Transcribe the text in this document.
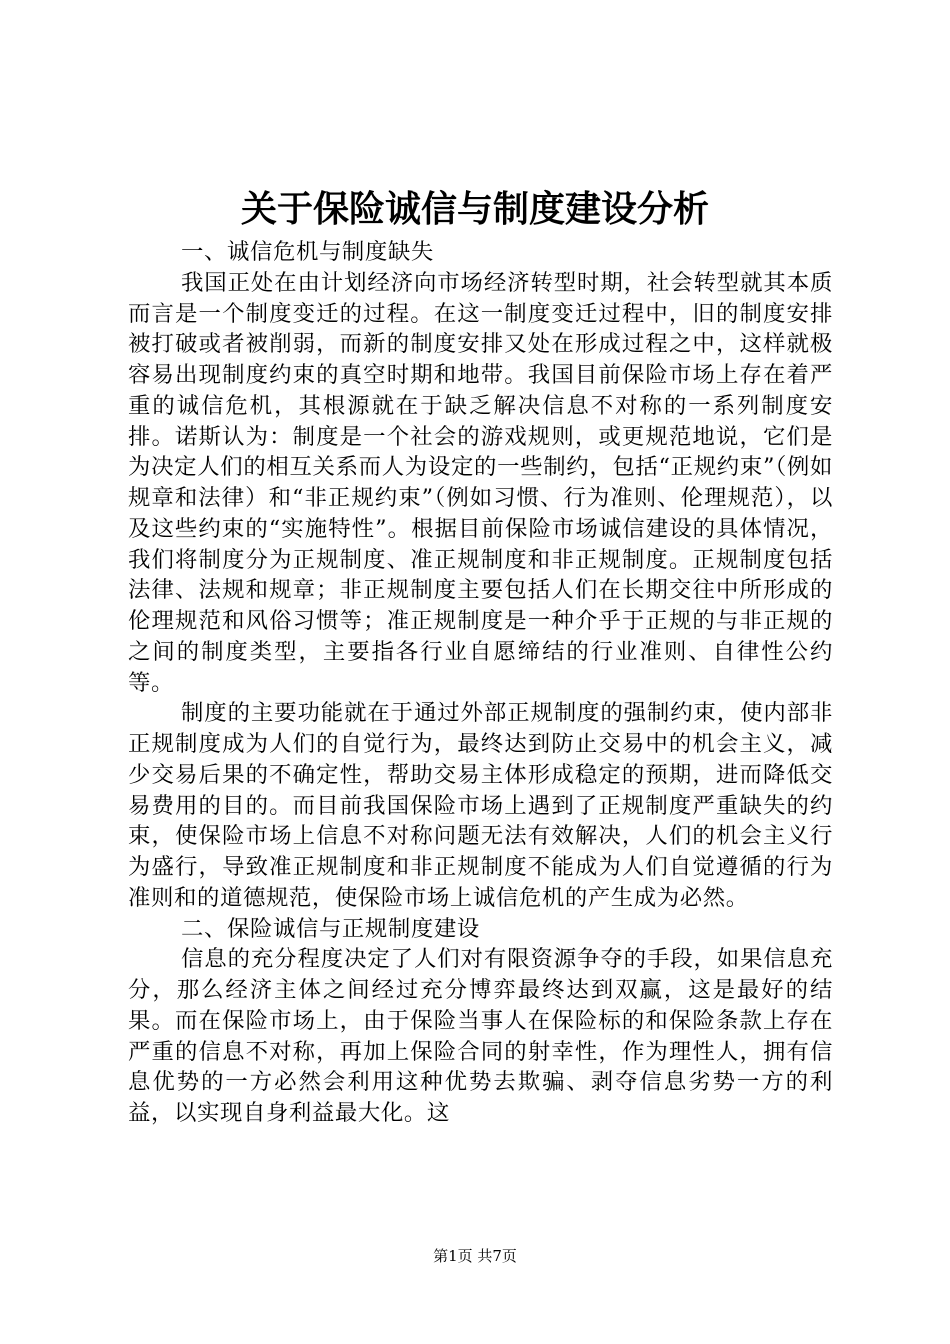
关于保险诚信与制度建设分析

一、诚信危机与制度缺失

我国正处在由计划经济向市场经济转型时期，社会转型就其本质而言是一个制度变迁的过程。在这一制度变迁过程中，旧的制度安排被打破或者被削弱，而新的制度安排又处在形成过程之中，这样就极容易出现制度约束的真空时期和地带。我国目前保险市场上存在着严重的诚信危机，其根源就在于缺乏解决信息不对称的一系列制度安排。诺斯认为：制度是一个社会的游戏规则，或更规范地说，它们是为决定人们的相互关系而人为设定的一些制约，包括“正规约束”（例如规章和法律）和“非正规约束”（例如习惯、行为准则、伦理规范），以及这些约束的“实施特性”。根据目前保险市场诚信建设的具体情况，我们将制度分为正规制度、准正规制度和非正规制度。正规制度包括法律、法规和规章；非正规制度主要包括人们在长期交往中所形成的伦理规范和风俗习惯等；准正规制度是一种介乎于正规的与非正规的之间的制度类型，主要指各行业自愿缔结的行业准则、自律性公约等。

制度的主要功能就在于通过外部正规制度的强制约束，使内部非正规制度成为人们的自觉行为，最终达到防止交易中的机会主义，减少交易后果的不确定性，帮助交易主体形成稳定的预期，进而降低交易费用的目的。而目前我国保险市场上遇到了正规制度严重缺失的约束，使保险市场上信息不对称问题无法有效解决，人们的机会主义行为盛行，导致准正规制度和非正规制度不能成为人们自觉遵循的行为准则和的道德规范，使保险市场上诚信危机的产生成为必然。

二、保险诚信与正规制度建设

信息的充分程度决定了人们对有限资源争夺的手段，如果信息充分，那么经济主体之间经过充分博弈最终达到双赢，这是最好的结果。而在保险市场上，由于保险当事人在保险标的和保险条款上存在严重的信息不对称，再加上保险合同的射幸性，作为理性人，拥有信息优势的一方必然会利用这种优势去欺骗、剥夺信息劣势一方的利益，以实现自身利益最大化。这

第1页 共7页
